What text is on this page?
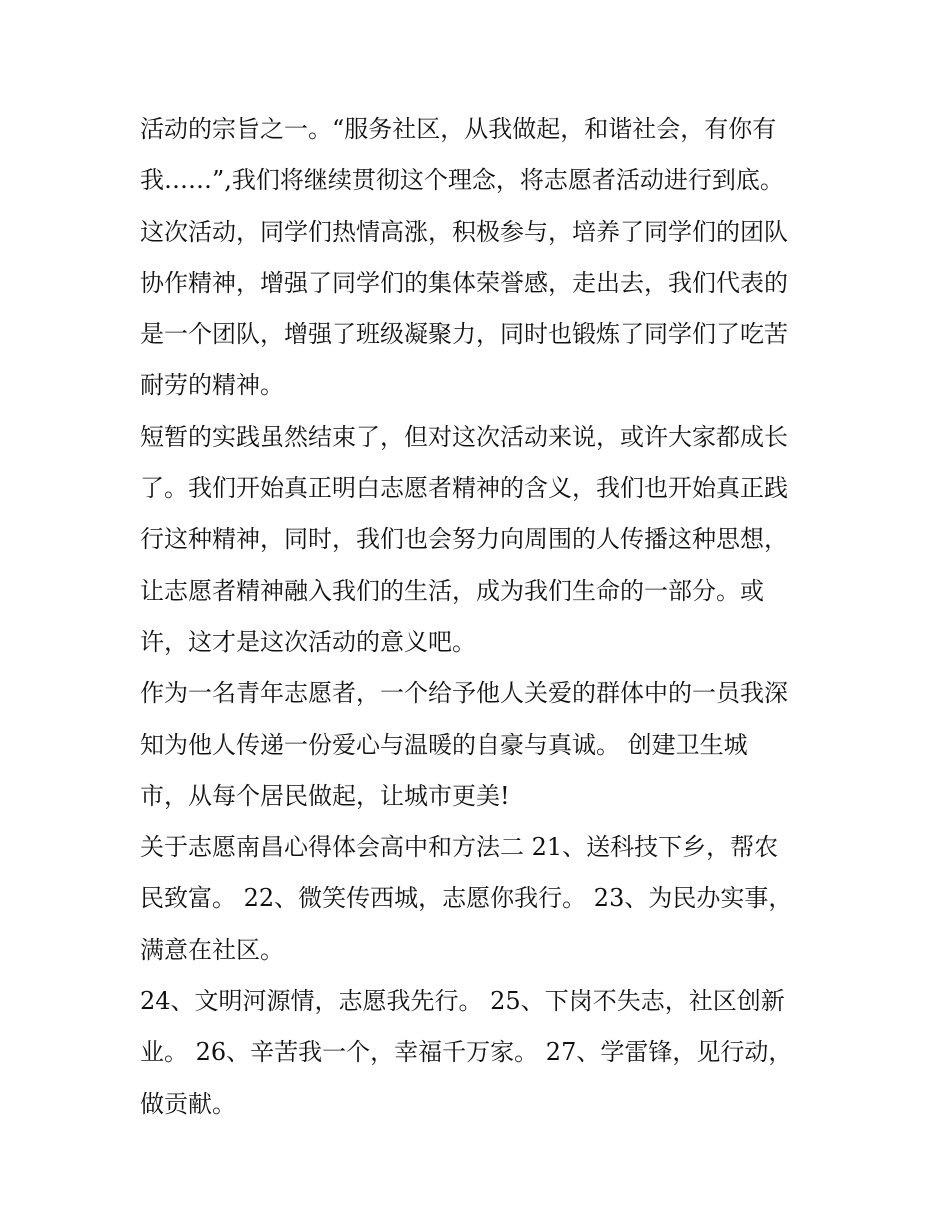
活动的宗旨之一。“服务社区，从我做起，和谐社会，有你有
我……”,我们将继续贯彻这个理念，将志愿者活动进行到底。
这次活动，同学们热情高涨，积极参与，培养了同学们的团队
协作精神，增强了同学们的集体荣誉感，走出去，我们代表的
是一个团队，增强了班级凝聚力，同时也锻炼了同学们了吃苦
耐劳的精神。
短暂的实践虽然结束了，但对这次活动来说，或许大家都成长
了。我们开始真正明白志愿者精神的含义，我们也开始真正践
行这种精神，同时，我们也会努力向周围的人传播这种思想，
让志愿者精神融入我们的生活，成为我们生命的一部分。或
许，这才是这次活动的意义吧。
作为一名青年志愿者，一个给予他人关爱的群体中的一员我深
知为他人传递一份爱心与温暖的自豪与真诚。 创建卫生城
市，从每个居民做起，让城市更美!
关于志愿南昌心得体会高中和方法二 21、送科技下乡，帮农
民致富。 22、微笑传西城，志愿你我行。 23、为民办实事，
满意在社区。
24、文明河源情，志愿我先行。 25、下岗不失志，社区创新
业。 26、辛苦我一个，幸福千万家。 27、学雷锋，见行动，
做贡献。
